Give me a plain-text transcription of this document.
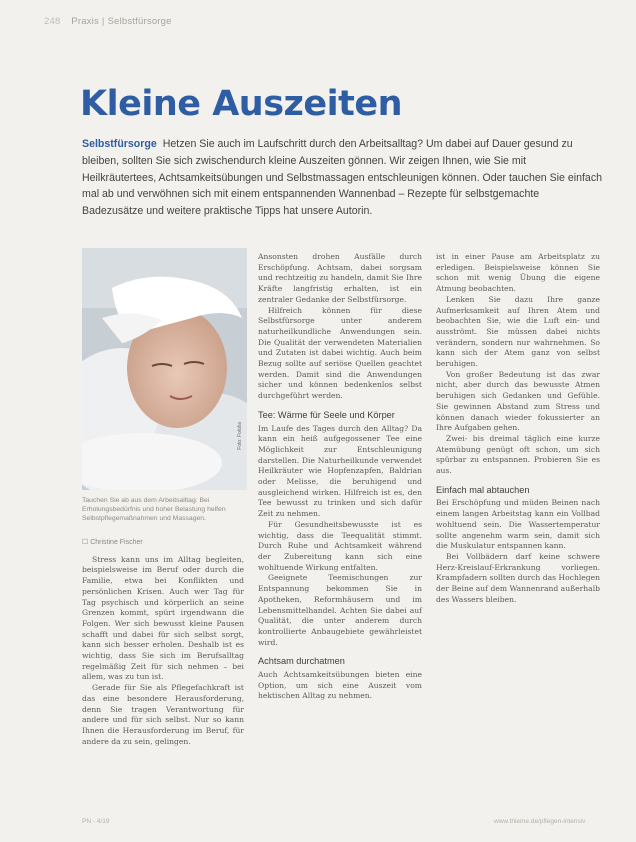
248 Praxis | Selbstfürsorge
Kleine Auszeiten
Selbstfürsorge Hetzen Sie auch im Laufschritt durch den Arbeitsalltag? Um dabei auf Dauer gesund zu bleiben, sollten Sie sich zwischendurch kleine Auszeiten gönnen. Wir zeigen Ihnen, wie Sie mit Heilkräutertees, Achtsamkeitsübungen und Selbstmassagen entschleunigen können. Oder tauchen Sie einfach mal ab und verwöhnen sich mit einem entspannenden Wannenbad – Rezepte für selbstgemachte Badezusätze und weitere praktische Tipps hat unsere Autorin.
Foto: Fotolia
Tauchen Sie ab aus dem Arbeitsalltag: Bei Erholungsbedürfnis und hoher Belastung helfen Selbstpflegemaßnahmen und Massagen.

☐ Christine Fischer

Stress kann uns im Alltag begleiten, beispielsweise im Beruf oder durch die Familie, etwa bei Konflikten und persönlichen Krisen. Auch wer Tag für Tag psychisch und körperlich an seine Grenzen kommt, spürt irgendwann die Folgen. Wer sich bewusst kleine Pausen schafft und dabei für sich selbst sorgt, kann sich besser erholen. Deshalb ist es wichtig, dass Sie sich im Berufsalltag regelmäßig Zeit für sich nehmen – bei allem, was zu tun ist.

Gerade für Sie als Pflegefachkraft ist das eine besondere Herausforderung, denn Sie tragen Verantwortung für andere und für sich selbst. Nur so kann Ihnen die Herausforderung im Beruf, für andere da zu sein, gelingen.

Ansonsten drohen Ausfälle durch Erschöpfung. Achtsam, dabei sorgsam und rechtzeitig zu handeln, damit Sie Ihre Kräfte langfristig erhalten, ist ein zentraler Gedanke der Selbstfürsorge.

Hilfreich können für diese Selbstfürsorge unter anderem naturheilkundliche Anwendungen sein. Die Qualität der verwendeten Materialien und Zutaten ist dabei wichtig. Auch beim Bezug sollte auf seriöse Quellen geachtet werden. Damit sind die Anwendungen sicher und können bedenkenlos selbst durchgeführt werden.

Tee: Wärme für Seele und Körper

Im Laufe des Tages durch den Alltag? Da kann ein heiß aufgegossener Tee eine Möglichkeit zur Entschleunigung darstellen. Die Naturheilkunde verwendet Heilkräuter wie Hopfenzapfen, Baldrian oder Melisse, die beruhigend und ausgleichend wirken. Hilfreich ist es, den Tee bewusst zu trinken und sich dafür Zeit zu nehmen.

Für Gesundheitsbewusste ist es wichtig, dass die Teequalität stimmt. Durch Ruhe und Achtsamkeit während der Zubereitung kann sich eine wohltuende Wirkung entfalten.

Geeignete Teemischungen zur Entspannung bekommen Sie in Apotheken, Reformhäusern und im Lebensmittelhandel. Achten Sie dabei auf Qualität, die unter anderem durch kontrollierte Anbaugebiete gewährleistet wird.

Achtsam durchatmen

Auch Achtsamkeitsübungen bieten eine Option, um sich eine Auszeit vom hektischen Alltag zu nehmen.

ist in einer Pause am Arbeitsplatz zu erledigen. Beispielsweise können Sie schon mit wenig Übung die eigene Atmung beobachten.

Lenken Sie dazu Ihre ganze Aufmerksamkeit auf Ihren Atem und beobachten Sie, wie die Luft ein- und ausströmt. Sie müssen dabei nichts verändern, sondern nur wahrnehmen. So kann sich der Atem ganz von selbst beruhigen.

Von großer Bedeutung ist das zwar nicht, aber durch das bewusste Atmen beruhigen sich Gedanken und Gefühle. Sie gewinnen Abstand zum Stress und können danach wieder fokussierter an Ihre Aufgaben gehen.

Zwei- bis dreimal täglich eine kurze Atemübung genügt oft schon, um sich spürbar zu entspannen. Probieren Sie es aus.

Einfach mal abtauchen

Bei Erschöpfung und müden Beinen nach einem langen Arbeitstag kann ein Vollbad wohltuend sein. Die Wassertemperatur sollte angenehm warm sein, damit sich die Muskulatur entspannen kann.

Bei Vollbädern darf keine schwere Herz-Kreislauf-Erkrankung vorliegen. Krampfadern sollten durch das Hochlegen der Beine auf dem Wannenrand außerhalb des Wassers bleiben.

PN - 4/19	www.thieme.de/pflegen-intensiv
